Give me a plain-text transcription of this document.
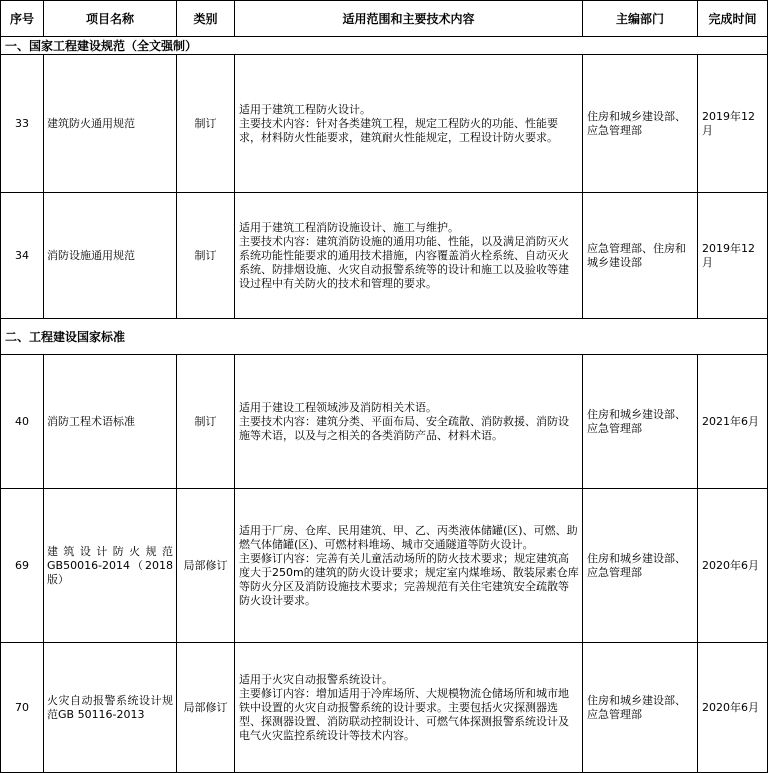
序号	项目名称	类别	适用范围和主要技术内容	主编部门	完成时间
一、国家工程建设规范（全文强制）					
33	建筑防火通用规范	制订	适用于建筑工程防火设计。
主要技术内容：针对各类建筑工程，规定工程防火的功能、性能要求，材料防火性能要求，建筑耐火性能规定，工程设计防火要求。	住房和城乡建设部、应急管理部	2019年12月
34	消防设施通用规范	制订	适用于建筑工程消防设施设计、施工与维护。
主要技术内容：建筑消防设施的通用功能、性能，以及满足消防灭火系统功能性能要求的通用技术措施，内容覆盖消火栓系统、自动灭火系统、防排烟设施、火灾自动报警系统等的设计和施工以及验收等建设过程中有关防火的技术和管理的要求。	应急管理部、住房和城乡建设部	2019年12月
二、工程建设国家标准					
40	消防工程术语标准	制订	适用于建设工程领域涉及消防相关术语。
主要技术内容：建筑分类、平面布局、安全疏散、消防救援、消防设施等术语，以及与之相关的各类消防产品、材料术语。	住房和城乡建设部、应急管理部	2021年6月
69	建筑设计防火规范GB50016-2014（2018版）	局部修订	适用于厂房、仓库、民用建筑、甲、乙、丙类液体储罐(区)、可燃、助燃气体储罐(区)、可燃材料堆场、城市交通隧道等防火设计。
主要修订内容：完善有关儿童活动场所的防火技术要求；规定建筑高度大于250m的建筑的防火设计要求；规定室内煤堆场、散装尿素仓库等防火分区及消防设施技术要求；完善规范有关住宅建筑安全疏散等防火设计要求。	住房和城乡建设部、应急管理部	2020年6月
70	火灾自动报警系统设计规范GB 50116-2013	局部修订	适用于火灾自动报警系统设计。
主要修订内容：增加适用于冷库场所、大规模物流仓储场所和城市地铁中设置的火灾自动报警系统的设计要求。主要包括火灾探测器选型、探测器设置、消防联动控制设计、可燃气体探测报警系统设计及电气火灾监控系统设计等技术内容。	住房和城乡建设部、应急管理部	2020年6月
